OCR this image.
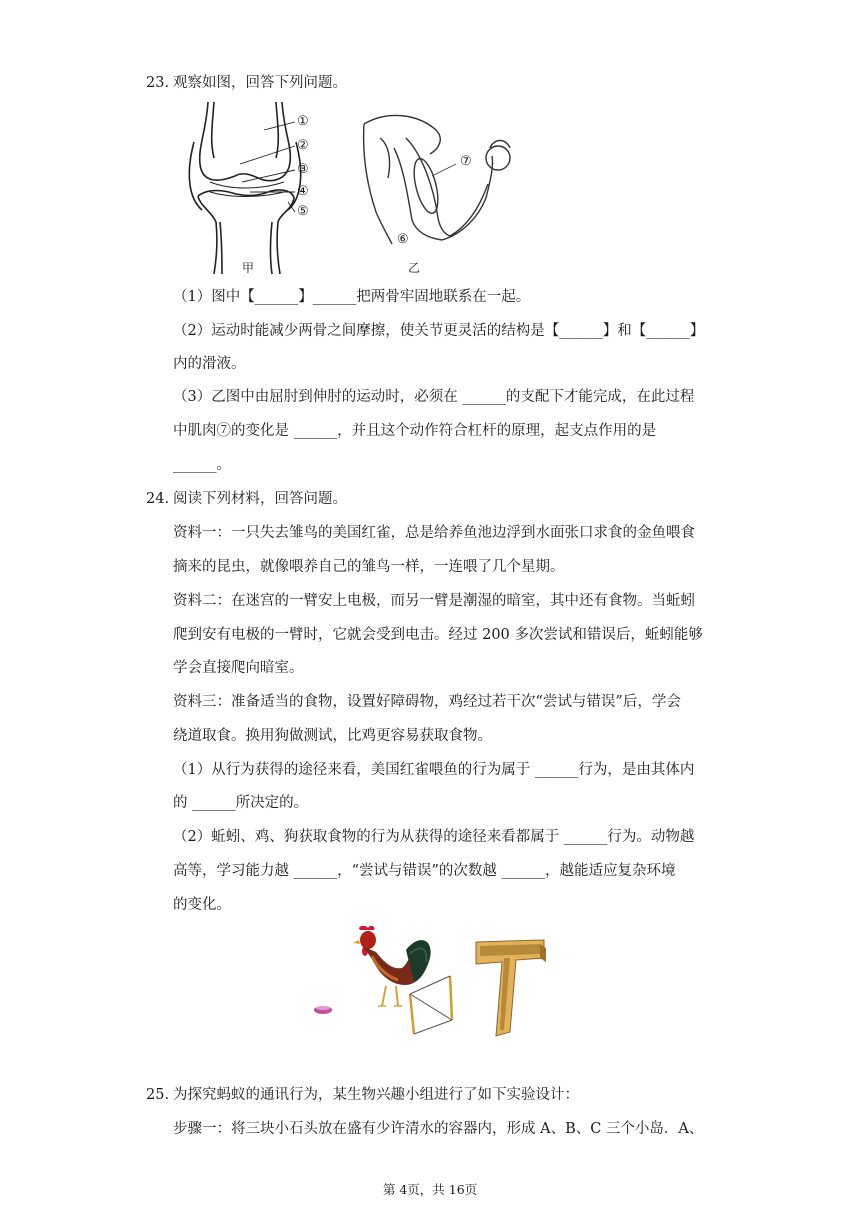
23. 观察如图，回答下列问题。
甲
①
②
③
④
⑤
乙
⑦
⑥
（1）图中【______】______把两骨牢固地联系在一起。
（2）运动时能减少两骨之间摩擦，使关节更灵活的结构是【______】和【______】
内的滑液。
（3）乙图中由屈肘到伸肘的运动时，必须在 ______的支配下才能完成，在此过程
中肌肉⑦的变化是 ______，并且这个动作符合杠杆的原理，起支点作用的是
______。
24. 阅读下列材料，回答问题。
资料一：一只失去雏鸟的美国红雀，总是给养鱼池边浮到水面张口求食的金鱼喂食
摘来的昆虫，就像喂养自己的雏鸟一样，一连喂了几个星期。
资料二：在迷宫的一臂安上电极，而另一臂是潮湿的暗室，其中还有食物。当蚯蚓
爬到安有电极的一臂时，它就会受到电击。经过 200 多次尝试和错误后，蚯蚓能够
学会直接爬向暗室。
资料三：准备适当的食物，设置好障碍物，鸡经过若干次“尝试与错误”后，学会
绕道取食。换用狗做测试，比鸡更容易获取食物。
（1）从行为获得的途径来看，美国红雀喂鱼的行为属于 ______行为，是由其体内
的 ______所决定的。
（2）蚯蚓、鸡、狗获取食物的行为从获得的途径来看都属于 ______行为。动物越
高等，学习能力越 ______，“尝试与错误”的次数越 ______，越能适应复杂环境
的变化。
25. 为探究蚂蚁的通讯行为，某生物兴趣小组进行了如下实验设计：
步骤一：将三块小石头放在盛有少许清水的容器内，形成 A、B、C 三个小岛．A、
第 4页，共 16页
